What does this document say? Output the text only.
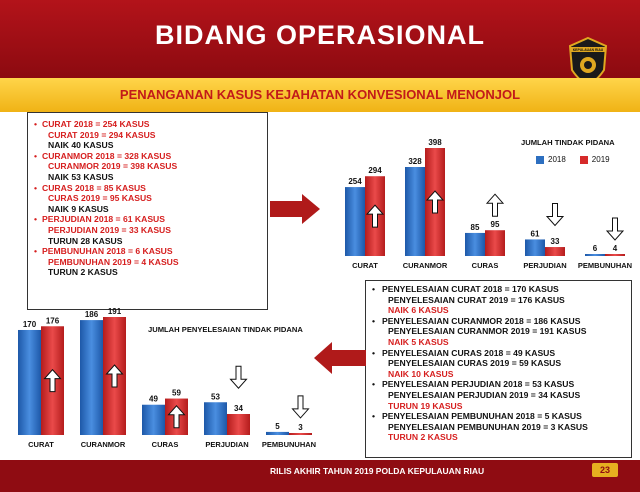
BIDANG OPERASIONAL	KEPULAUAN RIAU
PENANGANAN KASUS KEJAHATAN KONVESIONAL MENONJOL
• CURAT 2018 = 254 KASUS
CURAT 2019 = 294 KASUS
NAIK 40 KASUS
• CURANMOR 2018 = 328 KASUS
CURANMOR 2019 = 398 KASUS
NAIK 53 KASUS
• CURAS 2018 = 85 KASUS
CURAS 2019 = 95 KASUS
NAIK 9 KASUS
• PERJUDIAN 2018 = 61 KASUS
PERJUDIAN 2019 = 33 KASUS
TURUN 28 KASUS
• PEMBUNUHAN 2018 = 6 KASUS
PEMBUNUHAN 2019 = 4 KASUS
TURUN 2 KASUS
• PENYELESAIAN CURAT 2018 = 170 KASUS
PENYELESAIAN CURAT 2019 = 176 KASUS
NAIK 6 KASUS
• PENYELESAIAN CURANMOR 2018 = 186 KASUS
PENYELESAIAN CURANMOR 2019 = 191 KASUS
NAIK 5 KASUS
• PENYELESAIAN CURAS 2018 = 49 KASUS
PENYELESAIAN CURAS 2019 = 59 KASUS
NAIK 10 KASUS
• PENYELESAIAN PERJUDIAN 2018 = 53 KASUS
PENYELESAIAN PERJUDIAN 2019 = 34 KASUS
TURUN 19 KASUS
• PENYELESAIAN PEMBUNUHAN 2018 = 5 KASUS
PENYELESAIAN PEMBUNUHAN 2019 = 3 KASUS
TURUN 2 KASUS
JUMLAH TINDAK PIDANA
2018	2019
JUMLAH PENYELESAIAN TINDAK PIDANA
254
294
CURAT
328
398
CURANMOR
85 95
CURAS
61
33
PERJUDIAN
6 4
PEMBUNUHAN
170 176
CURAT
186 191
CURANMOR
49
59
CURAS
53
34
PERJUDIAN
5 3
PEMBUNUHAN
RILIS AKHIR TAHUN 2019 POLDA KEPULAUAN RIAU	23
